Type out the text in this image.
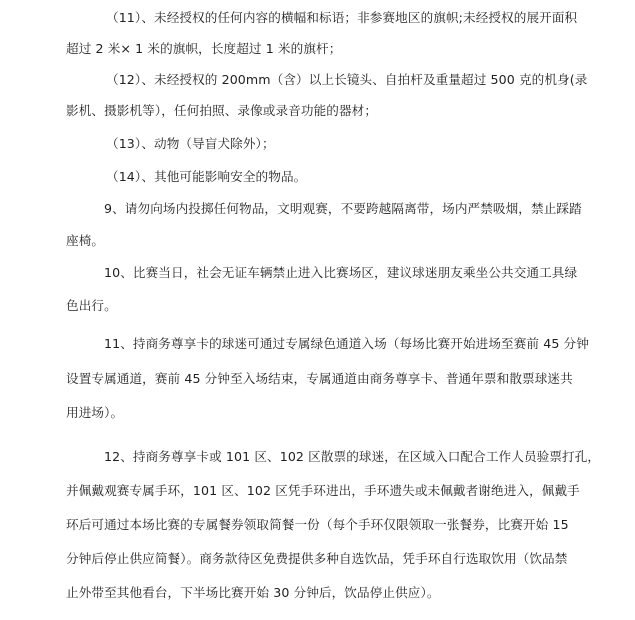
（11）、未经授权的任何内容的横幅和标语；非参赛地区的旗帜;未经授权的展开面积
超过 2 米× 1 米的旗帜，长度超过 1 米的旗杆；
（12）、未经授权的 200mm（含）以上长镜头、自拍杆及重量超过 500 克的机身(录
影机、摄影机等），任何拍照、录像或录音功能的器材；
（13）、动物（导盲犬除外）；
（14）、其他可能影响安全的物品。
9、请勿向场内投掷任何物品，文明观赛，不要跨越隔离带，场内严禁吸烟，禁止踩踏
座椅。
10、比赛当日，社会无证车辆禁止进入比赛场区，建议球迷朋友乘坐公共交通工具绿
色出行。
11、持商务尊享卡的球迷可通过专属绿色通道入场（每场比赛开始进场至赛前 45 分钟
设置专属通道，赛前 45 分钟至入场结束，专属通道由商务尊享卡、普通年票和散票球迷共
用进场）。
12、持商务尊享卡或 101 区、102 区散票的球迷，在区域入口配合工作人员验票打孔，
并佩戴观赛专属手环，101 区、102 区凭手环进出，手环遗失或未佩戴者谢绝进入，佩戴手
环后可通过本场比赛的专属餐券领取简餐一份（每个手环仅限领取一张餐券，比赛开始 15
分钟后停止供应简餐）。商务款待区免费提供多种自选饮品，凭手环自行选取饮用（饮品禁
止外带至其他看台，下半场比赛开始 30 分钟后，饮品停止供应）。
